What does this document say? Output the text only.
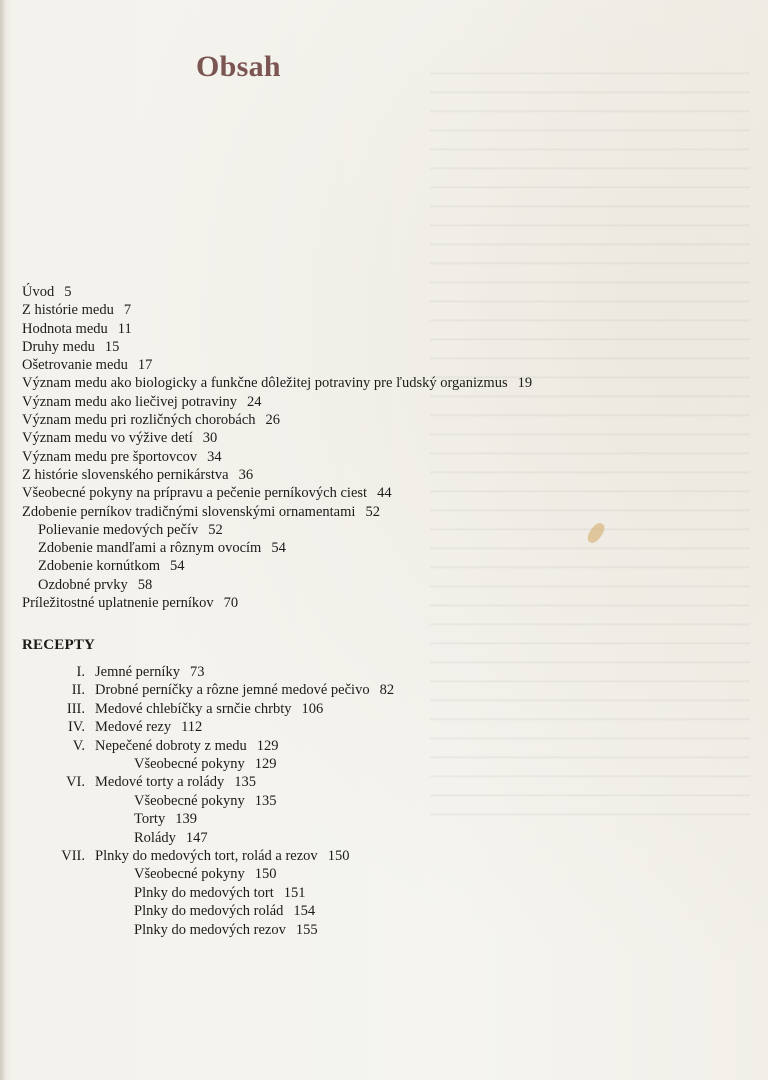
Obsah
Úvod 5
Z histórie medu 7
Hodnota medu 11
Druhy medu 15
Ošetrovanie medu 17
Význam medu ako biologicky a funkčne dôležitej potraviny pre ľudský organizmus 19
Význam medu ako liečivej potraviny 24
Význam medu pri rozličných chorobách 26
Význam medu vo výžive detí 30
Význam medu pre športovcov 34
Z histórie slovenského pernikárstva 36
Všeobecné pokyny na prípravu a pečenie perníkových ciest 44
Zdobenie perníkov tradičnými slovenskými ornamentami 52
Polievanie medových pečív 52
Zdobenie mandľami a rôznym ovocím 54
Zdobenie kornútkom 54
Ozdobné prvky 58
Príležitostné uplatnenie perníkov 70
RECEPTY
I. Jemné perníky 73
II. Drobné perníčky a rôzne jemné medové pečivo 82
III. Medové chlebíčky a srnčie chrbty 106
IV. Medové rezy 112
V. Nepečené dobroty z medu 129
Všeobecné pokyny 129
VI. Medové torty a rolády 135
Všeobecné pokyny 135
Torty 139
Rolády 147
VII. Plnky do medových tort, rolád a rezov 150
Všeobecné pokyny 150
Plnky do medových tort 151
Plnky do medových rolád 154
Plnky do medových rezov 155
